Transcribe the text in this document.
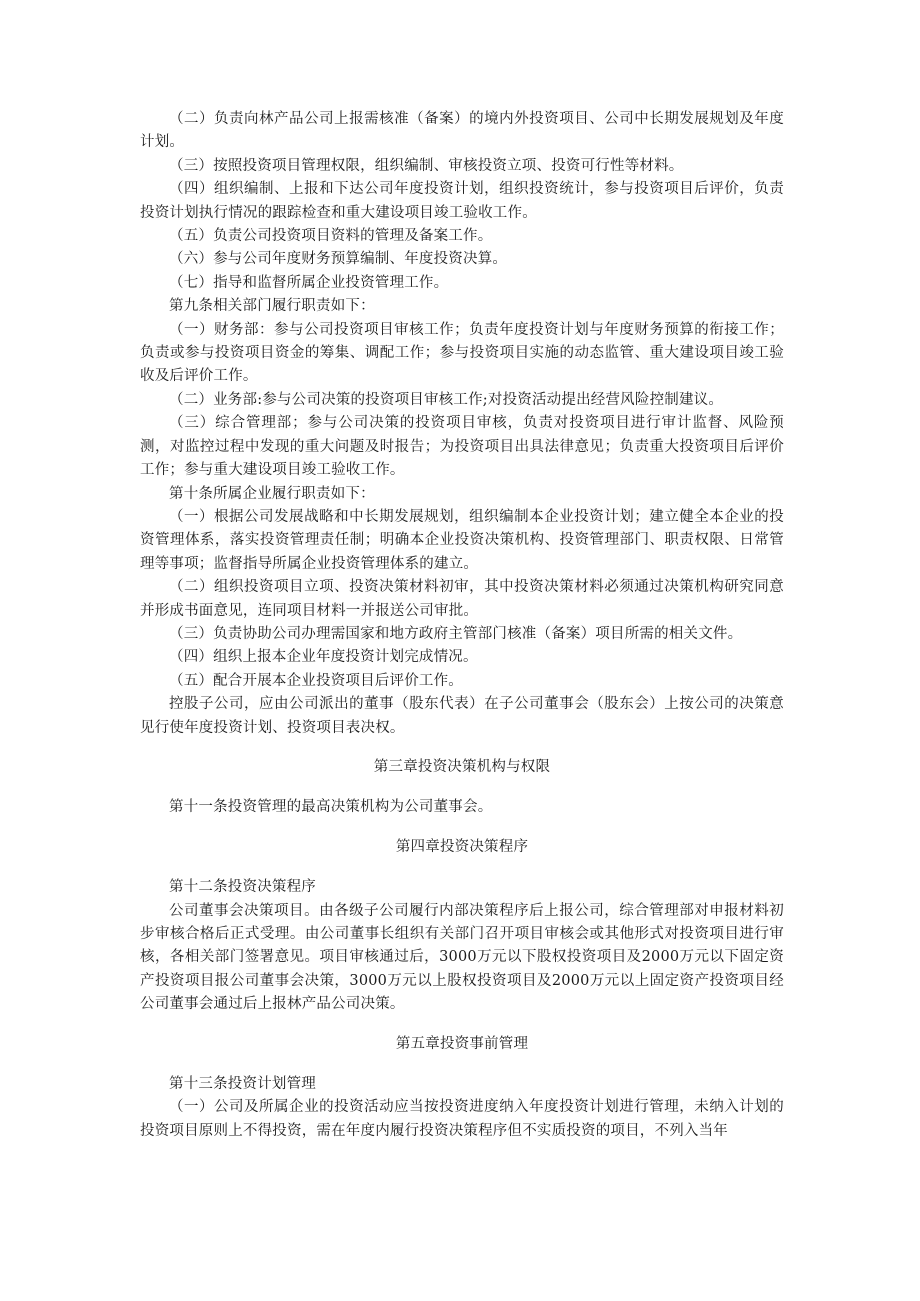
（二）负责向林产品公司上报需核准（备案）的境内外投资项目、公司中长期发展规划及年度计划。

（三）按照投资项目管理权限，组织编制、审核投资立项、投资可行性等材料。

（四）组织编制、上报和下达公司年度投资计划，组织投资统计，参与投资项目后评价，负责投资计划执行情况的跟踪检查和重大建设项目竣工验收工作。

（五）负责公司投资项目资料的管理及备案工作。

（六）参与公司年度财务预算编制、年度投资决算。

（七）指导和监督所属企业投资管理工作。

第九条相关部门履行职责如下：

（一）财务部：参与公司投资项目审核工作；负责年度投资计划与年度财务预算的衔接工作；负责或参与投资项目资金的筹集、调配工作；参与投资项目实施的动态监管、重大建设项目竣工验收及后评价工作。

（二）业务部:参与公司决策的投资项目审核工作;对投资活动提出经营风险控制建议。

（三）综合管理部；参与公司决策的投资项目审核，负责对投资项目进行审计监督、风险预测，对监控过程中发现的重大问题及时报告；为投资项目出具法律意见；负责重大投资项目后评价工作；参与重大建设项目竣工验收工作。

第十条所属企业履行职责如下：

（一）根据公司发展战略和中长期发展规划，组织编制本企业投资计划；建立健全本企业的投资管理体系，落实投资管理责任制；明确本企业投资决策机构、投资管理部门、职责权限、日常管理等事项；监督指导所属企业投资管理体系的建立。

（二）组织投资项目立项、投资决策材料初审，其中投资决策材料必须通过决策机构研究同意并形成书面意见，连同项目材料一并报送公司审批。

（三）负责协助公司办理需国家和地方政府主管部门核准（备案）项目所需的相关文件。

（四）组织上报本企业年度投资计划完成情况。

（五）配合开展本企业投资项目后评价工作。

控股子公司，应由公司派出的董事（股东代表）在子公司董事会（股东会）上按公司的决策意见行使年度投资计划、投资项目表决权。

第三章投资决策机构与权限

第十一条投资管理的最高决策机构为公司董事会。

第四章投资决策程序

第十二条投资决策程序

公司董事会决策项目。由各级子公司履行内部决策程序后上报公司，综合管理部对申报材料初步审核合格后正式受理。由公司董事长组织有关部门召开项目审核会或其他形式对投资项目进行审核，各相关部门签署意见。项目审核通过后，3000万元以下股权投资项目及2000万元以下固定资产投资项目报公司董事会决策，3000万元以上股权投资项目及2000万元以上固定资产投资项目经公司董事会通过后上报林产品公司决策。

第五章投资事前管理

第十三条投资计划管理

（一）公司及所属企业的投资活动应当按投资进度纳入年度投资计划进行管理，未纳入计划的投资项目原则上不得投资，需在年度内履行投资决策程序但不实质投资的项目，不列入当年
